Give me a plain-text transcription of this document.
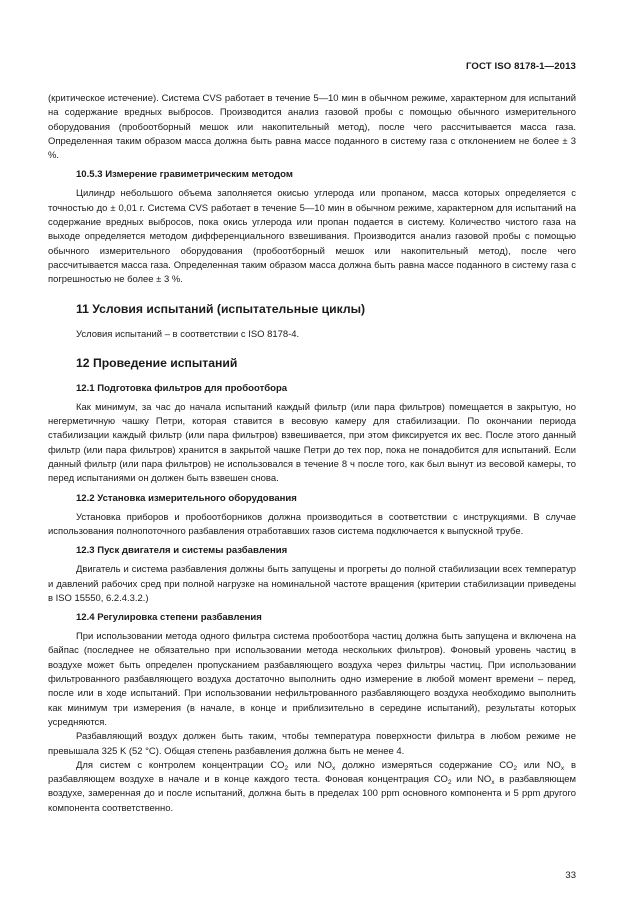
ГОСТ ISO 8178-1—2013

(критическое истечение). Система CVS работает в течение 5—10 мин в обычном режиме, характерном для испытаний на содержание вредных выбросов. Производится анализ газовой пробы с помощью обычного измерительного оборудования (пробоотборный мешок или накопительный метод), после чего рассчитывается масса газа. Определенная таким образом масса должна быть равна массе поданного в систему газа с отклонением не более ± 3 %.

10.5.3 Измерение гравиметрическим методом

Цилиндр небольшого объема заполняется окисью углерода или пропаном, масса которых определяется с точностью до ± 0,01 г. Система CVS работает в течение 5—10 мин в обычном режиме, характерном для испытаний на содержание вредных выбросов, пока окись углерода или пропан подается в систему. Количество чистого газа на выходе определяется методом дифференциального взвешивания. Производится анализ газовой пробы с помощью обычного измерительного оборудования (пробоотборный мешок или накопительный метод), после чего рассчитывается масса газа. Определенная таким образом масса должна быть равна массе поданного в систему газа с погрешностью не более ± 3 %.

11 Условия испытаний (испытательные циклы)

Условия испытаний – в соответствии с ISO 8178-4.

12 Проведение испытаний
12.1 Подготовка фильтров для пробоотбора

Как минимум, за час до начала испытаний каждый фильтр (или пара фильтров) помещается в закрытую, но негерметичную чашку Петри, которая ставится в весовую камеру для стабилизации. По окончании периода стабилизации каждый фильтр (или пара фильтров) взвешивается, при этом фиксируется их вес. После этого данный фильтр (или пара фильтров) хранится в закрытой чашке Петри до тех пор, пока не понадобится для испытаний. Если данный фильтр (или пара фильтров) не использовался в течение 8 ч после того, как был вынут из весовой камеры, то перед испытаниями он должен быть взвешен снова.

12.2 Установка измерительного оборудования

Установка приборов и пробоотборников должна производиться в соответствии с инструкциями. В случае использования полнопоточного разбавления отработавших газов система подключается к выпускной трубе.

12.3 Пуск двигателя и системы разбавления

Двигатель и система разбавления должны быть запущены и прогреты до полной стабилизации всех температур и давлений рабочих сред при полной нагрузке на номинальной частоте вращения (критерии стабилизации приведены в ISO 15550, 6.2.4.3.2.)

12.4 Регулировка степени разбавления

При использовании метода одного фильтра система пробоотбора частиц должна быть запущена и включена на байпас (последнее не обязательно при использовании метода нескольких фильтров). Фоновый уровень частиц в воздухе может быть определен пропусканием разбавляющего воздуха через фильтры частиц. При использовании фильтрованного разбавляющего воздуха достаточно выполнить одно измерение в любой момент времени – перед, после или в ходе испытаний. При использовании нефильтрованного разбавляющего воздуха необходимо выполнить как минимум три измерения (в начале, в конце и приблизительно в середине испытаний), результаты которых усредняются.

Разбавляющий воздух должен быть таким, чтобы температура поверхности фильтра в любом режиме не превышала 325 K (52 °C). Общая степень разбавления должна быть не менее 4.

Для систем с контролем концентрации $CO_2$ или $NO_x$ должно измеряться содержание $CO_2$ или $NO_x$ в разбавляющем воздухе в начале и в конце каждого теста. Фоновая концентрация $CO_2$ или $NO_x$ в разбавляющем воздухе, замеренная до и после испытаний, должна быть в пределах 100 ppm основного компонента и 5 ppm другого компонента соответственно.

33
